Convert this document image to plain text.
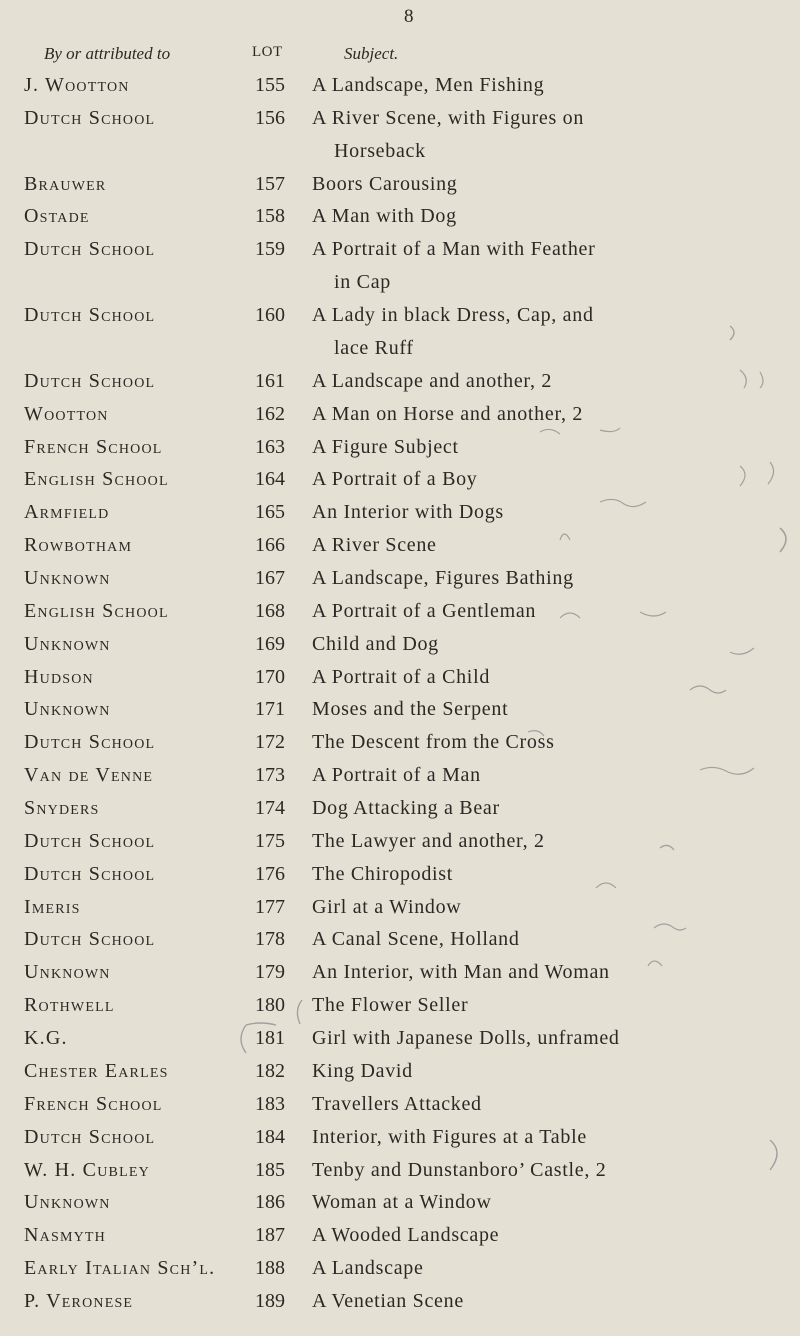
8
By or attributed to	LOT	Subject.
J. Wootton	155	A Landscape, Men Fishing
Dutch School	156	A River Scene, with Figures on
Horseback
Brauwer	157	Boors Carousing
Ostade	158	A Man with Dog
Dutch School	159	A Portrait of a Man with Feather
in Cap
Dutch School	160	A Lady in black Dress, Cap, and
lace Ruff
Dutch School	161	A Landscape and another, 2
Wootton	162	A Man on Horse and another, 2
French School	163	A Figure Subject
English School	164	A Portrait of a Boy
Armfield	165	An Interior with Dogs
Rowbotham	166	A River Scene
Unknown	167	A Landscape, Figures Bathing
English School	168	A Portrait of a Gentleman
Unknown	169	Child and Dog
Hudson	170	A Portrait of a Child
Unknown	171	Moses and the Serpent
Dutch School	172	The Descent from the Cross
Van de Venne	173	A Portrait of a Man
Snyders	174	Dog Attacking a Bear
Dutch School	175	The Lawyer and another, 2
Dutch School	176	The Chiropodist
Imeris	177	Girl at a Window
Dutch School	178	A Canal Scene, Holland
Unknown	179	An Interior, with Man and Woman
Rothwell	180	The Flower Seller
K.G.	181	Girl with Japanese Dolls, unframed
Chester Earles	182	King David
French School	183	Travellers Attacked
Dutch School	184	Interior, with Figures at a Table
W. H. Cubley	185	Tenby and Dunstanboro’ Castle, 2
Unknown	186	Woman at a Window
Nasmyth	187	A Wooded Landscape
Early Italian Sch’l.	188	A Landscape
P. Veronese	189	A Venetian Scene
